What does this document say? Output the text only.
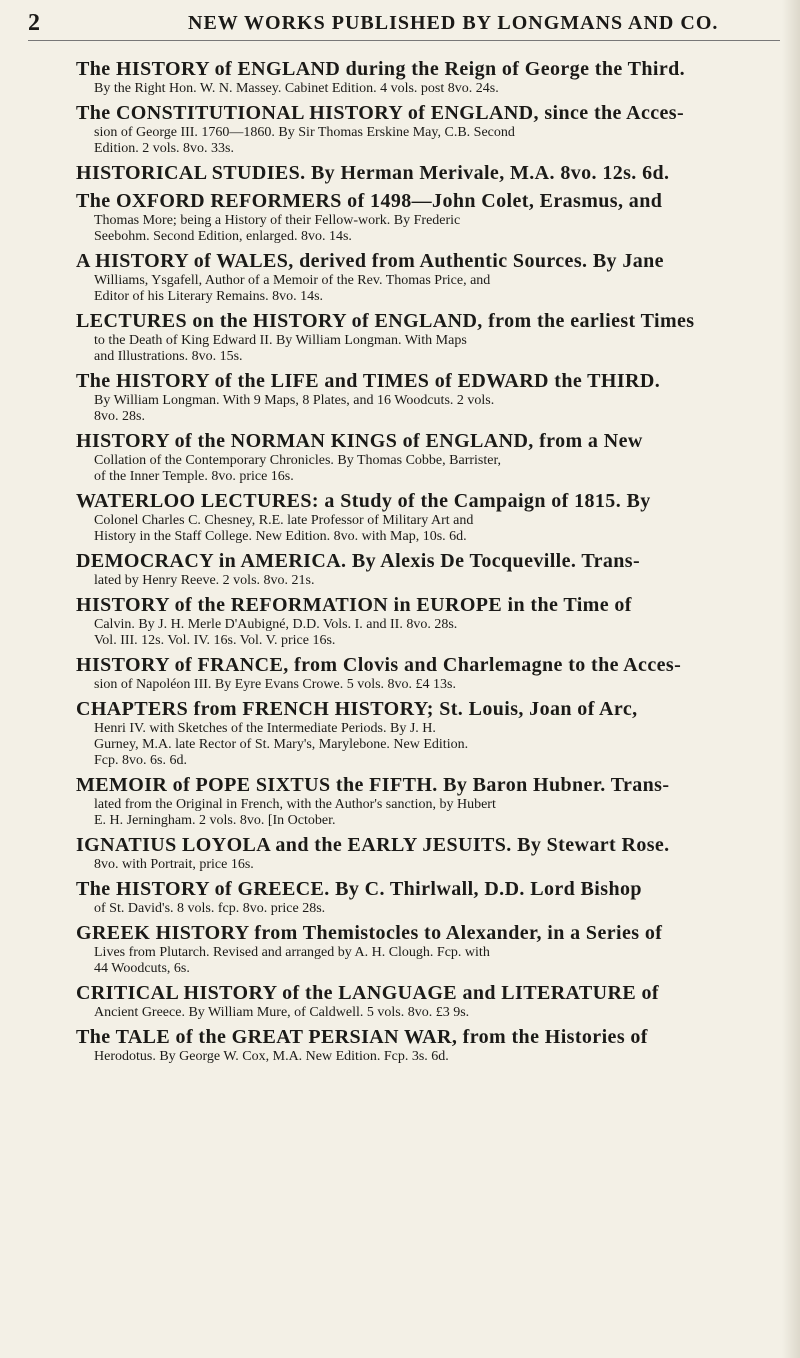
2	NEW WORKS PUBLISHED BY LONGMANS AND CO.
The HISTORY of ENGLAND during the Reign of George the Third.
By the Right Hon. W. N. Massey. Cabinet Edition. 4 vols. post 8vo. 24s.
The CONSTITUTIONAL HISTORY of ENGLAND, since the Acces-
sion of George III. 1760—1860. By Sir Thomas Erskine May, C.B. Second
Edition. 2 vols. 8vo. 33s.
HISTORICAL STUDIES. By Herman Merivale, M.A. 8vo. 12s. 6d.
The OXFORD REFORMERS of 1498—John Colet, Erasmus, and
Thomas More; being a History of their Fellow-work. By Frederic
Seebohm. Second Edition, enlarged. 8vo. 14s.
A HISTORY of WALES, derived from Authentic Sources. By Jane
Williams, Ysgafell, Author of a Memoir of the Rev. Thomas Price, and
Editor of his Literary Remains. 8vo. 14s.
LECTURES on the HISTORY of ENGLAND, from the earliest Times
to the Death of King Edward II. By William Longman. With Maps
and Illustrations. 8vo. 15s.
The HISTORY of the LIFE and TIMES of EDWARD the THIRD.
By William Longman. With 9 Maps, 8 Plates, and 16 Woodcuts. 2 vols.
8vo. 28s.
HISTORY of the NORMAN KINGS of ENGLAND, from a New
Collation of the Contemporary Chronicles. By Thomas Cobbe, Barrister,
of the Inner Temple. 8vo. price 16s.
WATERLOO LECTURES: a Study of the Campaign of 1815. By
Colonel Charles C. Chesney, R.E. late Professor of Military Art and
History in the Staff College. New Edition. 8vo. with Map, 10s. 6d.
DEMOCRACY in AMERICA. By Alexis De Tocqueville. Trans-
lated by Henry Reeve. 2 vols. 8vo. 21s.
HISTORY of the REFORMATION in EUROPE in the Time of
Calvin. By J. H. Merle D'Aubigné, D.D. Vols. I. and II. 8vo. 28s.
Vol. III. 12s. Vol. IV. 16s. Vol. V. price 16s.
HISTORY of FRANCE, from Clovis and Charlemagne to the Acces-
sion of Napoléon III. By Eyre Evans Crowe. 5 vols. 8vo. £4 13s.
CHAPTERS from FRENCH HISTORY; St. Louis, Joan of Arc,
Henri IV. with Sketches of the Intermediate Periods. By J. H.
Gurney, M.A. late Rector of St. Mary's, Marylebone. New Edition.
Fcp. 8vo. 6s. 6d.
MEMOIR of POPE SIXTUS the FIFTH. By Baron Hubner. Trans-
lated from the Original in French, with the Author's sanction, by Hubert
E. H. Jerningham. 2 vols. 8vo. [In October.
IGNATIUS LOYOLA and the EARLY JESUITS. By Stewart Rose.
8vo. with Portrait, price 16s.
The HISTORY of GREECE. By C. Thirlwall, D.D. Lord Bishop
of St. David's. 8 vols. fcp. 8vo. price 28s.
GREEK HISTORY from Themistocles to Alexander, in a Series of
Lives from Plutarch. Revised and arranged by A. H. Clough. Fcp. with
44 Woodcuts, 6s.
CRITICAL HISTORY of the LANGUAGE and LITERATURE of
Ancient Greece. By William Mure, of Caldwell. 5 vols. 8vo. £3 9s.
The TALE of the GREAT PERSIAN WAR, from the Histories of
Herodotus. By George W. Cox, M.A. New Edition. Fcp. 3s. 6d.
